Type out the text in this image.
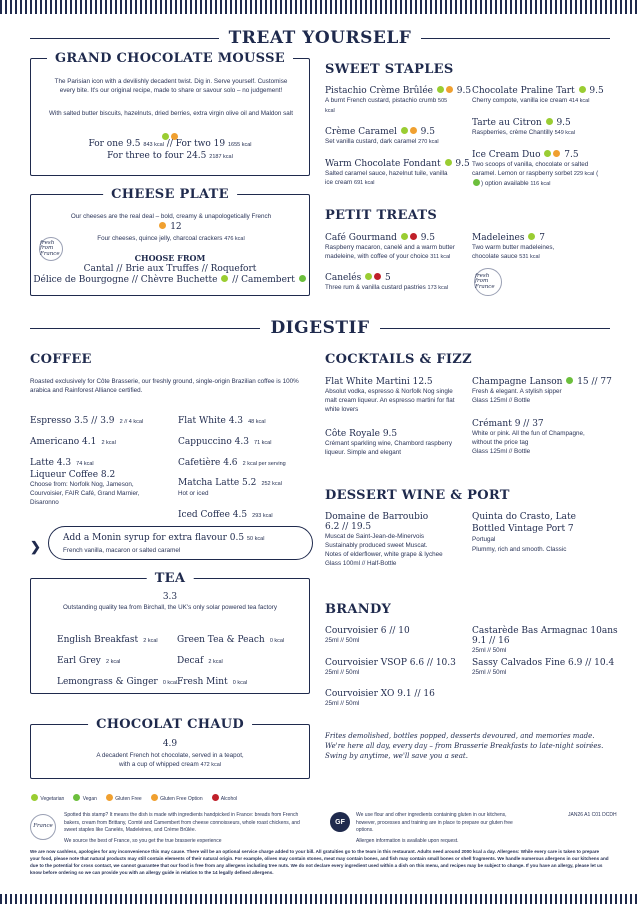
TREAT YOURSELF
GRAND CHOCOLATE MOUSSE
The Parisian icon with a devilishly decadent twist. Dig in. Serve yourself. Customise every bite. It's our original recipe, made to share or savour solo – no judgement!
With salted butter biscuits, hazelnuts, dried berries, extra virgin olive oil and Maldon salt
For one 9.5 843 kcal // For two 19 1655 kcal
For three to four 24.5 2187 kcal
CHEESE PLATE
Our cheeses are the real deal – bold, creamy & unapologetically French
12
Four cheeses, quince jelly, charcoal crackers 476 kcal
CHOOSE FROM
Cantal // Brie aux Truffes // Roquefort
Délice de Bourgogne // Chèvre Buchette // Camembert
fresh from France
SWEET STAPLES
Pistachio Crème Brûlée	9.5
A burnt French custard, pistachio crumb 505 kcal
Crème Caramel	9.5
Set vanilla custard, dark caramel 270 kcal
Warm Chocolate Fondant 9.5
Salted caramel sauce, hazelnut tuile, vanilla ice cream 691 kcal
Chocolate Praline Tart 9.5
Cherry compote, vanilla ice cream 414 kcal
Tarte au Citron 9.5
Raspberries, crème Chantilly 549 kcal
Ice Cream Duo	7.5
Two scoops of vanilla, chocolate or salted caramel. Lemon or raspberry sorbet 229 kcal () option available 116 kcal
PETIT TREATS
Café Gourmand	9.5
Raspberry macaron, canelé and a warm butter madeleine, with coffee of your choice 311 kcal
Canelés	5
Three rum & vanilla custard pastries 173 kcal
Madeleines 7
Two warm butter madeleines, chocolate sauce 531 kcal
fresh from France
DIGESTIF
COFFEE
Roasted exclusively for Côte Brasserie, our freshly ground, single-origin Brazilian coffee is 100% arabica and Rainforest Alliance certified.
Espresso 3.5 // 3.9 2 // 4 kcal
Americano 4.1 2 kcal
Latte 4.3 74 kcal
Liqueur Coffee 8.2
Choose from: Norfolk Nog, Jameson, Courvoisier, FAIR Café, Grand Marnier, Disaronno
Flat White 4.3 48 kcal
Cappuccino 4.3 71 kcal
Cafetière 4.6 2 kcal per serving
Matcha Latte 5.2 252 kcal
Hot or iced
Iced Coffee 4.5 293 kcal
❯
Add a Monin syrup for extra flavour 0.5 50 kcal
French vanilla, macaron or salted caramel
TEA
3.3
Outstanding quality tea from Birchall, the UK's only solar powered tea factory
English Breakfast 2 kcal
Earl Grey 2 kcal
Lemongrass & Ginger 0 kcal
Green Tea & Peach 0 kcal
Decaf 2 kcal
Fresh Mint 0 kcal
CHOCOLAT CHAUD
4.9
A decadent French hot chocolate, served in a teapot, with a cup of whipped cream 472 kcal
COCKTAILS & FIZZ
Flat White Martini 12.5
Absolut vodka, espresso & Norfolk Nog single malt cream liqueur. An espresso martini for flat white lovers
Côte Royale 9.5
Crémant sparkling wine, Chambord raspberry liqueur. Simple and elegant
Champagne Lanson 15 // 77
Fresh & elegant. A stylish sipper
Glass 125ml // Bottle
Crémant 9 // 37
White or pink. All the fun of Champagne, without the price tag
Glass 125ml // Bottle
DESSERT WINE & PORT
Domaine de Barroubio
6.2 // 19.5
Muscat de Saint-Jean-de-Minervois
Sustainably produced sweet Muscat. Notes of elderflower, white grape & lychee
Glass 100ml // Half-Bottle
Quinta do Crasto, Late Bottled Vintage Port 7
Portugal
Plummy, rich and smooth. Classic
BRANDY
Courvoisier 6 // 10
25ml // 50ml
Courvoisier VSOP 6.6 // 10.3
25ml // 50ml
Courvoisier XO 9.1 // 16
25ml // 50ml
Castarède Bas Armagnac 10ans
9.1 // 16
25ml // 50ml
Sassy Calvados Fine 6.9 // 10.4
25ml // 50ml
Frites demolished, bottles popped, desserts devoured, and memories made. We're here all day, every day – from Brasserie Breakfasts to late-night soirées. Swing by anytime, we'll save you a seat.
Vegetarian	Vegan	Gluten Free	Gluten Free Option	Alcohol
France
Spotted this stamp? It means the dish is made with ingredients handpicked in France: breads from French bakers, cream from Brittany, Comté and Camembert from cheese connoisseurs, whole roast chickens, and sweet staples like Canelés, Madeleines, and Crème Brûlée.
We source the best of France, so you get the true brasserie experience
GF
We use flour and other ingredients containing gluten in our kitchens, however, processes and training are in place to prepare our gluten free options.
Allergen information is available upon request.
JAN26 A1 C01 DCDH
We are now cashless, apologies for any inconvenience this may cause. There will be an optional service charge added to your bill. All gratuities go to the team in this restaurant. Adults need around 2000 kcal a day. Allergens: While every care is taken to prepare your food, please note that natural products may still contain elements of their natural origin. For example, olives may contain stones, meat may contain bones, and fish may contain small bones or shell fragments. We handle numerous allergens in our kitchens and due to the potential for cross contact, we cannot guarantee that our food is free from any allergens including tree nuts. We do not declare every ingredient used within a dish on this menu, and recipes may be subject to change. If you have an allergy, please let us know before ordering so we can provide you with an allergy guide in relation to the 14 legally defined allergens.
